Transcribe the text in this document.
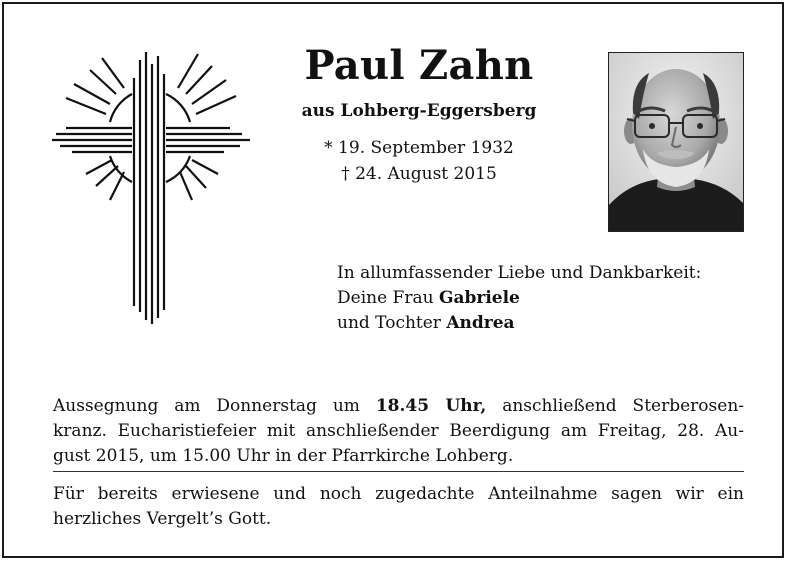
Paul Zahn
aus Lohberg-Eggersberg
* 19. September 1932
† 24. August 2015
In allumfassender Liebe und Dankbarkeit:
Deine Frau Gabriele
und Tochter Andrea
Aussegnung am Donnerstag um 18.45 Uhr, anschließend Sterberosen-
kranz. Eucharistiefeier mit anschließender Beerdigung am Freitag, 28. Au-
gust 2015, um 15.00 Uhr in der Pfarrkirche Lohberg.
Für bereits erwiesene und noch zugedachte Anteilnahme sagen wir ein
herzliches Vergelt’s Gott.
